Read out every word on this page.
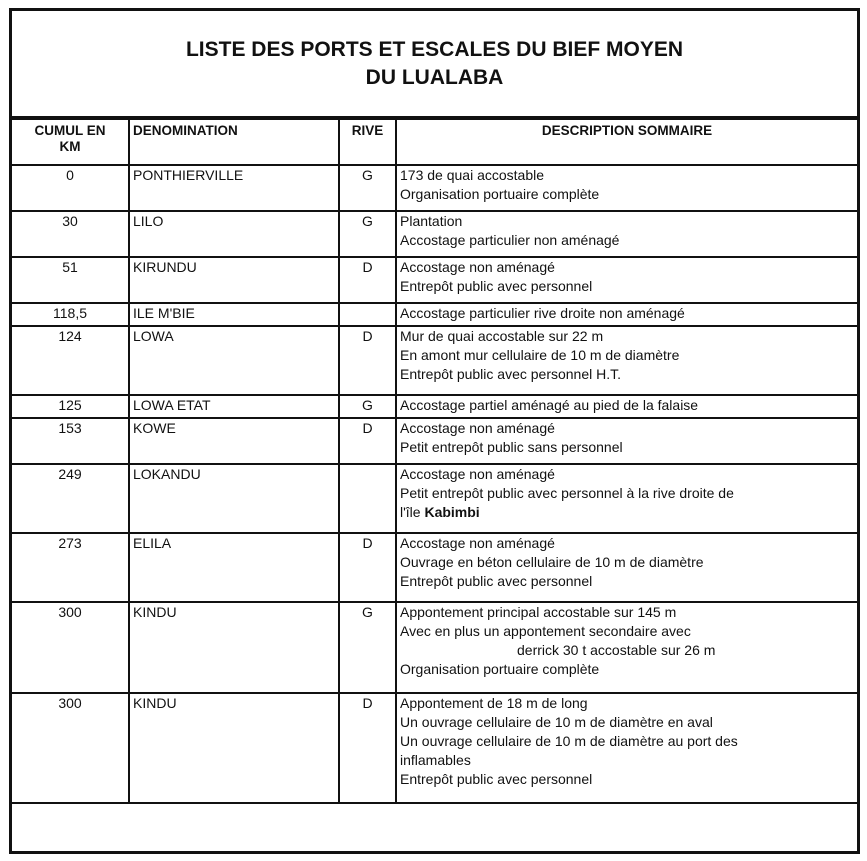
LISTE DES PORTS ET ESCALES DU BIEF MOYEN
DU LUALABA
CUMUL EN
KM	DENOMINATION	RIVE	DESCRIPTION SOMMAIRE
0	PONTHIERVILLE	G	173 de quai accostable
Organisation portuaire complète

30	LILO	G	Plantation
Accostage particulier non aménagé

51	KIRUNDU	D	Accostage non aménagé
Entrepôt public avec personnel

118,5	ILE M'BIE		Accostage particulier rive droite non aménagé

124	LOWA	D	Mur de quai accostable sur 22 m
En amont mur cellulaire de 10 m de diamètre
Entrepôt public avec personnel H.T.

125	LOWA ETAT	G	Accostage partiel aménagé au pied de la falaise

153	KOWE	D	Accostage non aménagé
Petit entrepôt public sans personnel

249	LOKANDU		Accostage non aménagé
Petit entrepôt public avec personnel à la rive droite de
l'île Kabimbi

273	ELILA	D	Accostage non aménagé
Ouvrage en béton cellulaire de 10 m de diamètre
Entrepôt public avec personnel

300	KINDU	G	Appontement principal accostable sur 145 m
Avec en plus un appontement secondaire avec
derrick 30 t accostable sur 26 m
Organisation portuaire complète

300	KINDU	D	Appontement de 18 m de long
Un ouvrage cellulaire de 10 m de diamètre en aval
Un ouvrage cellulaire de 10 m de diamètre au port des
inflamables
Entrepôt public avec personnel
